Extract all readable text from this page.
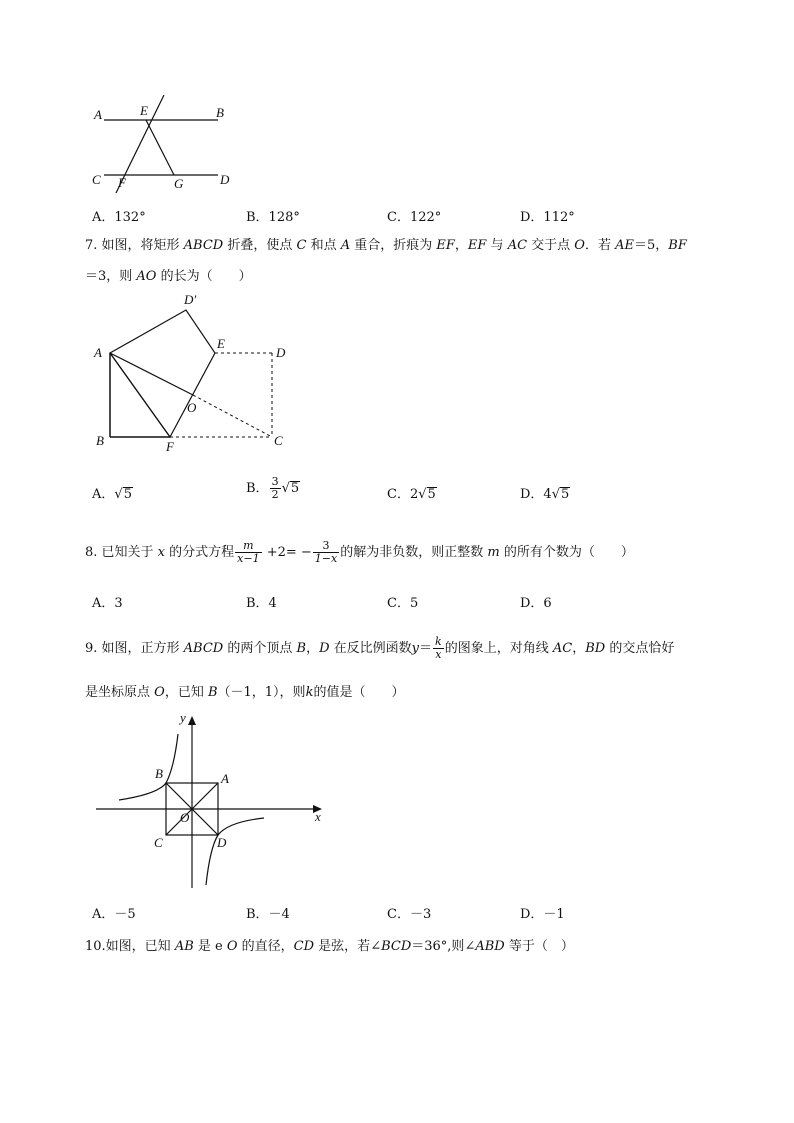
A	E	B
C F	G	D
A．132°	B．128°	C．122°	D．112°
7. 如图，将矩形 ABCD 折叠，使点 C 和点 A 重合，折痕为 EF，EF 与 AC 交于点 O．若 AE＝5，BF
＝3，则 AO 的长为（　　）
D′
A
E
D
O
B	F	C
A．√5	B． $\frac{3}{2} √5$	C．2√5	D．4√5
8. 已知关于 x 的分式方程 $\frac{m}{x-1} +2= - \frac{3}{1-x}$ 的解为非负数，则正整数 m 的所有个数为（　　）
A．3	B．4	C．5	D．6
9. 如图，正方形 ABCD 的两个顶点 B，D 在反比例函数$y= \frac{k}{x}$ 的图象上，对角线 AC，BD 的交点恰好
是坐标原点 O，已知 B（－1，1），则k的值是（　　）
y
x
B	A
O
C	D
A．－5	B．－4	C．－3	D．－1
10.如图，已知 AB 是 e O 的直径，CD 是弦，若∠BCD＝36°,则∠ABD 等于（　）
